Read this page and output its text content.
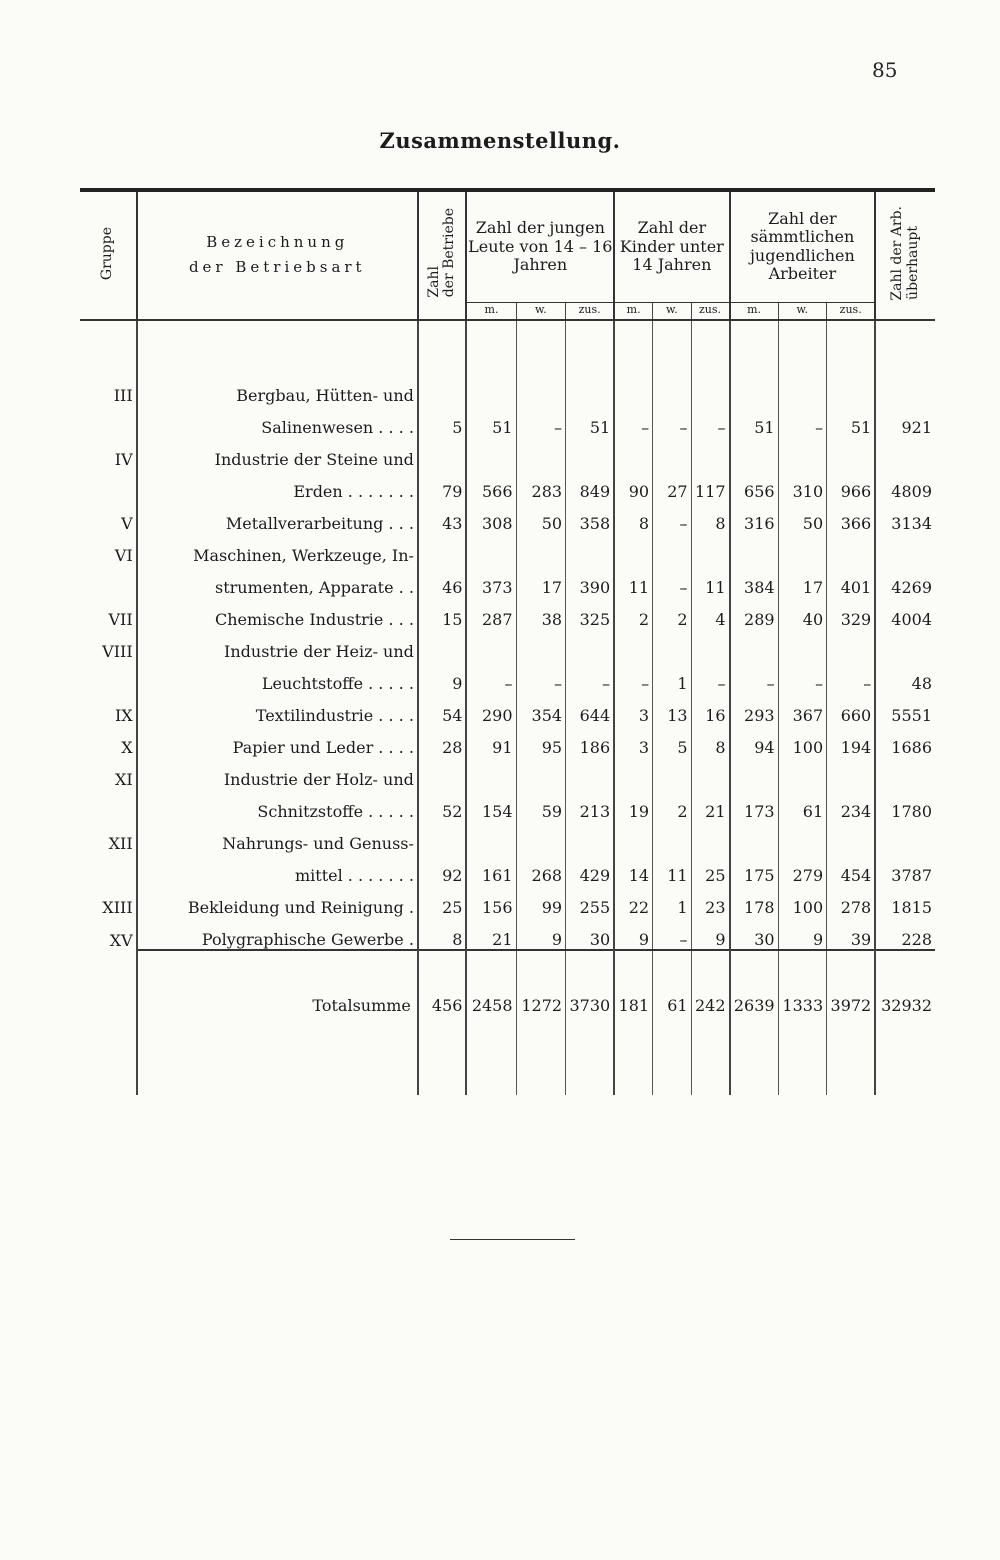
85
Zusammenstellung.
Gruppe	Bezeichnung
der Betriebsart	Zahlder Betriebe	Zahl der jungen Leute von 14 – 16 Jahren			Zahl der Kinder unter 14 Jahren			Zahl der sämmtlichen jugendlichen Arbeiter			Zahl der Arb.überhaupt
			m.	w.	zus.	m.	w.	zus.	m.	w.	zus.	
III	Bergbau, Hütten- und											
	Salinenwesen . . . .	5	51	–	51	–	–	–	51	–	51	921
IV	Industrie der Steine und											
	Erden . . . . . . .	79	566	283	849	90	27	117	656	310	966	4809
V	Metallverarbeitung . . .	43	308	50	358	8	–	8	316	50	366	3134
VI	Maschinen, Werkzeuge, In-											
	strumenten, Apparate . .	46	373	17	390	11	–	11	384	17	401	4269
VII	Chemische Industrie . . .	15	287	38	325	2	2	4	289	40	329	4004
VIII	Industrie der Heiz- und											
	Leuchtstoffe . . . . .	9	–	–	–	–	1	–	–	–	–	48
IX	Textilindustrie . . . .	54	290	354	644	3	13	16	293	367	660	5551
X	Papier und Leder . . . .	28	91	95	186	3	5	8	94	100	194	1686
XI	Industrie der Holz- und											
	Schnitzstoffe . . . . .	52	154	59	213	19	2	21	173	61	234	1780
XII	Nahrungs- und Genuss-											
	mittel . . . . . . .	92	161	268	429	14	11	25	175	279	454	3787
XIII	Bekleidung und Reinigung .	25	156	99	255	22	1	23	178	100	278	1815
XV	Polygraphische Gewerbe .	8	21	9	30	9	–	9	30	9	39	228
	Totalsumme	456	2458	1272	3730	181	61	242	2639	1333	3972	32932
